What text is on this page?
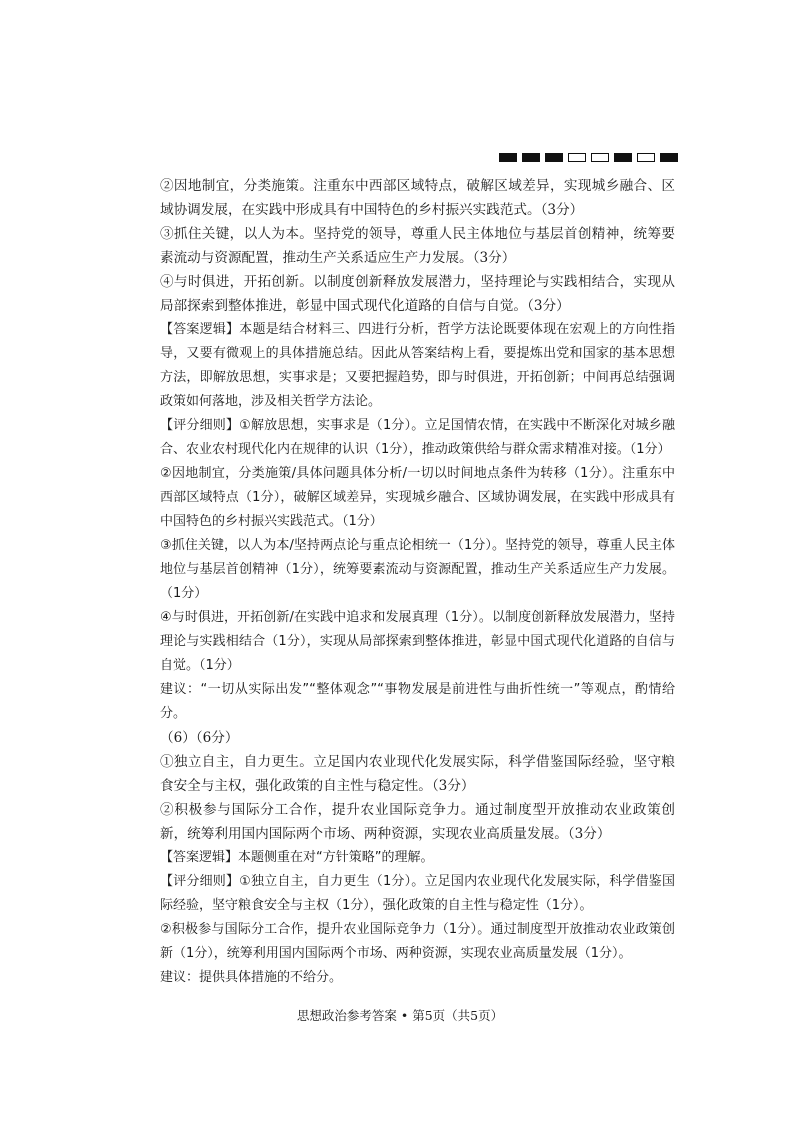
②因地制宜，分类施策。注重东中西部区域特点，破解区域差异，实现城乡融合、区域协调发展，在实践中形成具有中国特色的乡村振兴实践范式。（3分）

③抓住关键，以人为本。坚持党的领导，尊重人民主体地位与基层首创精神，统筹要素流动与资源配置，推动生产关系适应生产力发展。（3分）

④与时俱进，开拓创新。以制度创新释放发展潜力，坚持理论与实践相结合，实现从局部探索到整体推进，彰显中国式现代化道路的自信与自觉。（3分）

【答案逻辑】本题是结合材料三、四进行分析，哲学方法论既要体现在宏观上的方向性指导，又要有微观上的具体措施总结。因此从答案结构上看，要提炼出党和国家的基本思想方法，即解放思想，实事求是；又要把握趋势，即与时俱进，开拓创新；中间再总结强调政策如何落地，涉及相关哲学方法论。

【评分细则】①解放思想，实事求是（1分）。立足国情农情，在实践中不断深化对城乡融合、农业农村现代化内在规律的认识（1分），推动政策供给与群众需求精准对接。（1分）

②因地制宜，分类施策/具体问题具体分析/一切以时间地点条件为转移（1分）。注重东中西部区域特点（1分），破解区域差异，实现城乡融合、区域协调发展，在实践中形成具有中国特色的乡村振兴实践范式。（1分）

③抓住关键，以人为本/坚持两点论与重点论相统一（1分）。坚持党的领导，尊重人民主体地位与基层首创精神（1分），统筹要素流动与资源配置，推动生产关系适应生产力发展。（1分）

④与时俱进，开拓创新/在实践中追求和发展真理（1分）。以制度创新释放发展潜力，坚持理论与实践相结合（1分），实现从局部探索到整体推进，彰显中国式现代化道路的自信与自觉。（1分）

建议：“一切从实际出发”“整体观念”“事物发展是前进性与曲折性统一”等观点，酌情给分。

（6）（6分）

①独立自主，自力更生。立足国内农业现代化发展实际，科学借鉴国际经验，坚守粮食安全与主权，强化政策的自主性与稳定性。（3分）

②积极参与国际分工合作，提升农业国际竞争力。通过制度型开放推动农业政策创新，统筹利用国内国际两个市场、两种资源，实现农业高质量发展。（3分）

【答案逻辑】本题侧重在对“方针策略”的理解。

【评分细则】①独立自主，自力更生（1分）。立足国内农业现代化发展实际，科学借鉴国际经验，坚守粮食安全与主权（1分），强化政策的自主性与稳定性（1分）。

②积极参与国际分工合作，提升农业国际竞争力（1分）。通过制度型开放推动农业政策创新（1分），统筹利用国内国际两个市场、两种资源，实现农业高质量发展（1分）。

建议：提供具体措施的不给分。

思想政治参考答案 • 第5页（共5页）
